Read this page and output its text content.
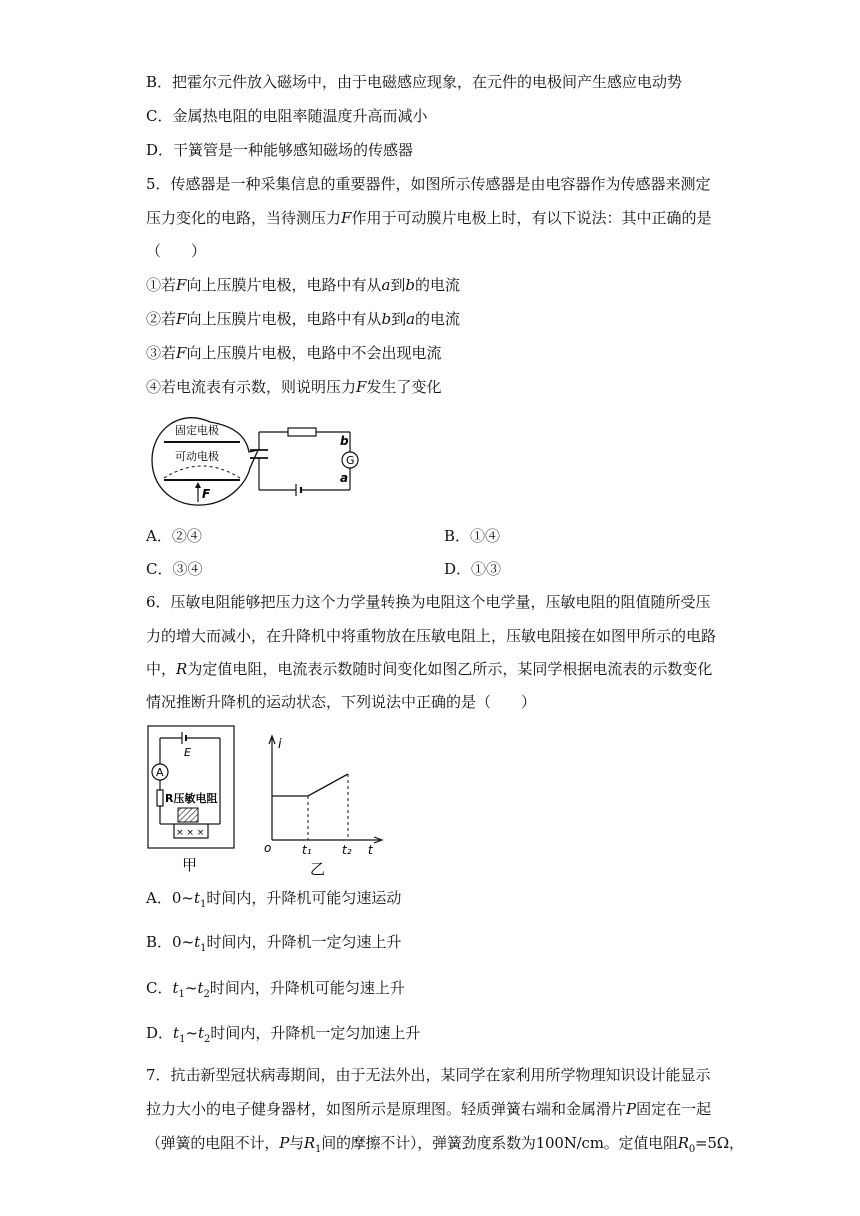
B．把霍尔元件放入磁场中，由于电磁感应现象，在元件的电极间产生感应电动势
C．金属热电阻的电阻率随温度升高而减小
D．干簧管是一种能够感知磁场的传感器
5．传感器是一种采集信息的重要器件，如图所示传感器是由电容器作为传感器来测定
压力变化的电路，当待测压力F作用于可动膜片电极上时，有以下说法：其中正确的是
（　　）
①若F向上压膜片电极，电路中有从a到b的电流
②若F向上压膜片电极，电路中有从b到a的电流
③若F向上压膜片电极，电路中不会出现电流
④若电流表有示数，则说明压力F发生了变化
固定电极
可动电极
F
G
b
a
A．②④	B．①④
C．③④	D．①③
6．压敏电阻能够把压力这个力学量转换为电阻这个电学量，压敏电阻的阻值随所受压
力的增大而减小，在升降机中将重物放在压敏电阻上，压敏电阻接在如图甲所示的电路
中，R为定值电阻，电流表示数随时间变化如图乙所示，某同学根据电流表的示数变化
情况推断升降机的运动状态，下列说法中正确的是（　　）
E
A
R压敏电阻
× × ×
甲
i
o	t₁	t₂ t
乙
A．$0\sim t_1$时间内，升降机可能匀速运动
B．$0\sim t_1$时间内，升降机一定匀速上升
C．$t_1\sim t_2$时间内，升降机可能匀速上升
D．$t_1\sim t_2$时间内，升降机一定匀加速上升
7．抗击新型冠状病毒期间，由于无法外出，某同学在家利用所学物理知识设计能显示
拉力大小的电子健身器材，如图所示是原理图。轻质弹簧右端和金属滑片P固定在一起
（弹簧的电阻不计，P与$R_1$间的摩擦不计），弹簧劲度系数为100N/cm。定值电阻$R_0=5\Omega$，
